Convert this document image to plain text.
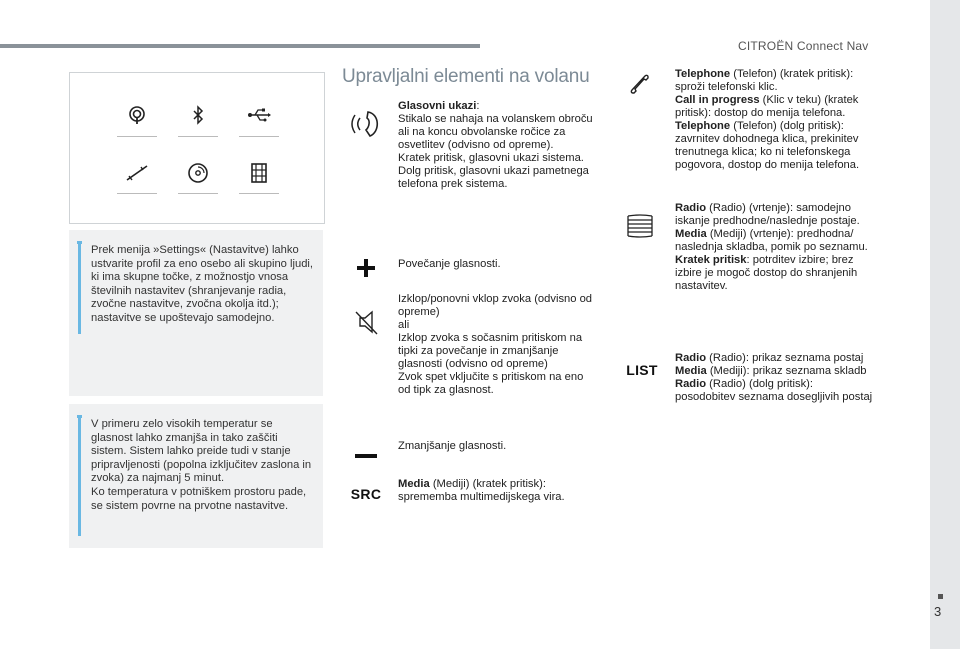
CITROËN Connect Nav
3

Prek menija »Settings« (Nastavitve) lahko ustvarite profil za eno osebo ali skupino ljudi, ki ima skupne točke, z možnostjo vnosa številnih nastavitev (shranjevanje radia, zvočne nastavitve, zvočna okolja itd.); nastavitve se upoštevajo samodejno.

V primeru zelo visokih temperatur se glasnost lahko zmanjša in tako zaščiti sistem. Sistem lahko preide tudi v stanje pripravljenosti (popolna izključitev zaslona in zvoka) za najmanj 5 minut.
Ko temperatura v potniškem prostoru pade, se sistem povrne na prvotne nastavitve.

Upravljalni elementi na volanu
Glasovni ukazi:
Stikalo se nahaja na volanskem obroču ali na koncu obvolanske ročice za osvetlitev (odvisno od opreme).
Kratek pritisk, glasovni ukazi sistema.
Dolg pritisk, glasovni ukazi pametnega telefona prek sistema.
Povečanje glasnosti.
Izklop/ponovni vklop zvoka (odvisno od opreme)
ali
Izklop zvoka s sočasnim pritiskom na tipki za povečanje in zmanjšanje glasnosti (odvisno od opreme)
Zvok spet vključite s pritiskom na eno od tipk za glasnost.
Zmanjšanje glasnosti.
SRC
Media (Mediji) (kratek pritisk): sprememba multimedijskega vira.
Telephone (Telefon) (kratek pritisk): sproži telefonski klic.
Call in progress (Klic v teku) (kratek pritisk): dostop do menija telefona.
Telephone (Telefon) (dolg pritisk): zavrnitev dohodnega klica, prekinitev trenutnega klica; ko ni telefonskega pogovora, dostop do menija telefona.
Radio (Radio) (vrtenje): samodejno iskanje predhodne/naslednje postaje.
Media (Mediji) (vrtenje): predhodna/ naslednja skladba, pomik po seznamu.
Kratek pritisk: potrditev izbire; brez izbire je mogoč dostop do shranjenih nastavitev.
LIST
Radio (Radio): prikaz seznama postaj
Media (Mediji): prikaz seznama skladb
Radio (Radio) (dolg pritisk): posodobitev seznama dosegljivih postaj
